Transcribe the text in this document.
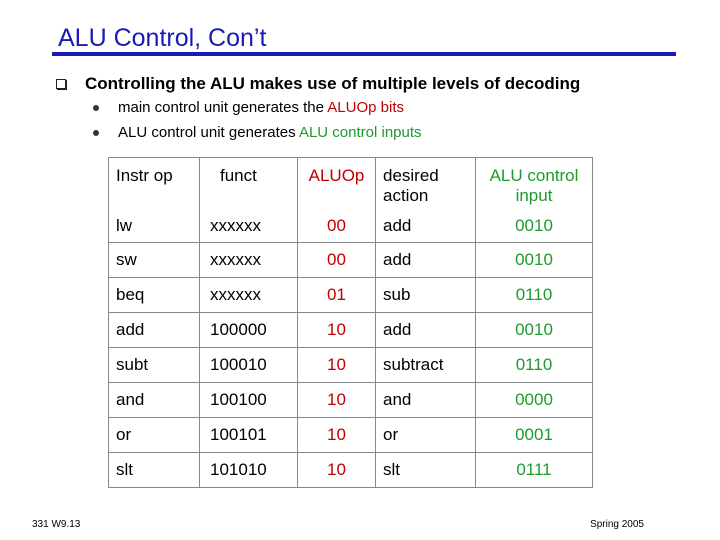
ALU Control, Con’t
Controlling the ALU makes use of multiple levels of decoding
main control unit generates the ALUOp bits
ALU control unit generates ALU control inputs
Instr op	funct	ALUOp	desired action	ALU control input
lw	xxxxxx	00	add	0010
sw	xxxxxx	00	add	0010
beq	xxxxxx	01	sub	0110
add	100000	10	add	0010
subt	100010	10	subtract	0110
and	100100	10	and	0000
or	100101	10	or	0001
slt	101010	10	slt	0111
331 W9.13	Spring 2005
